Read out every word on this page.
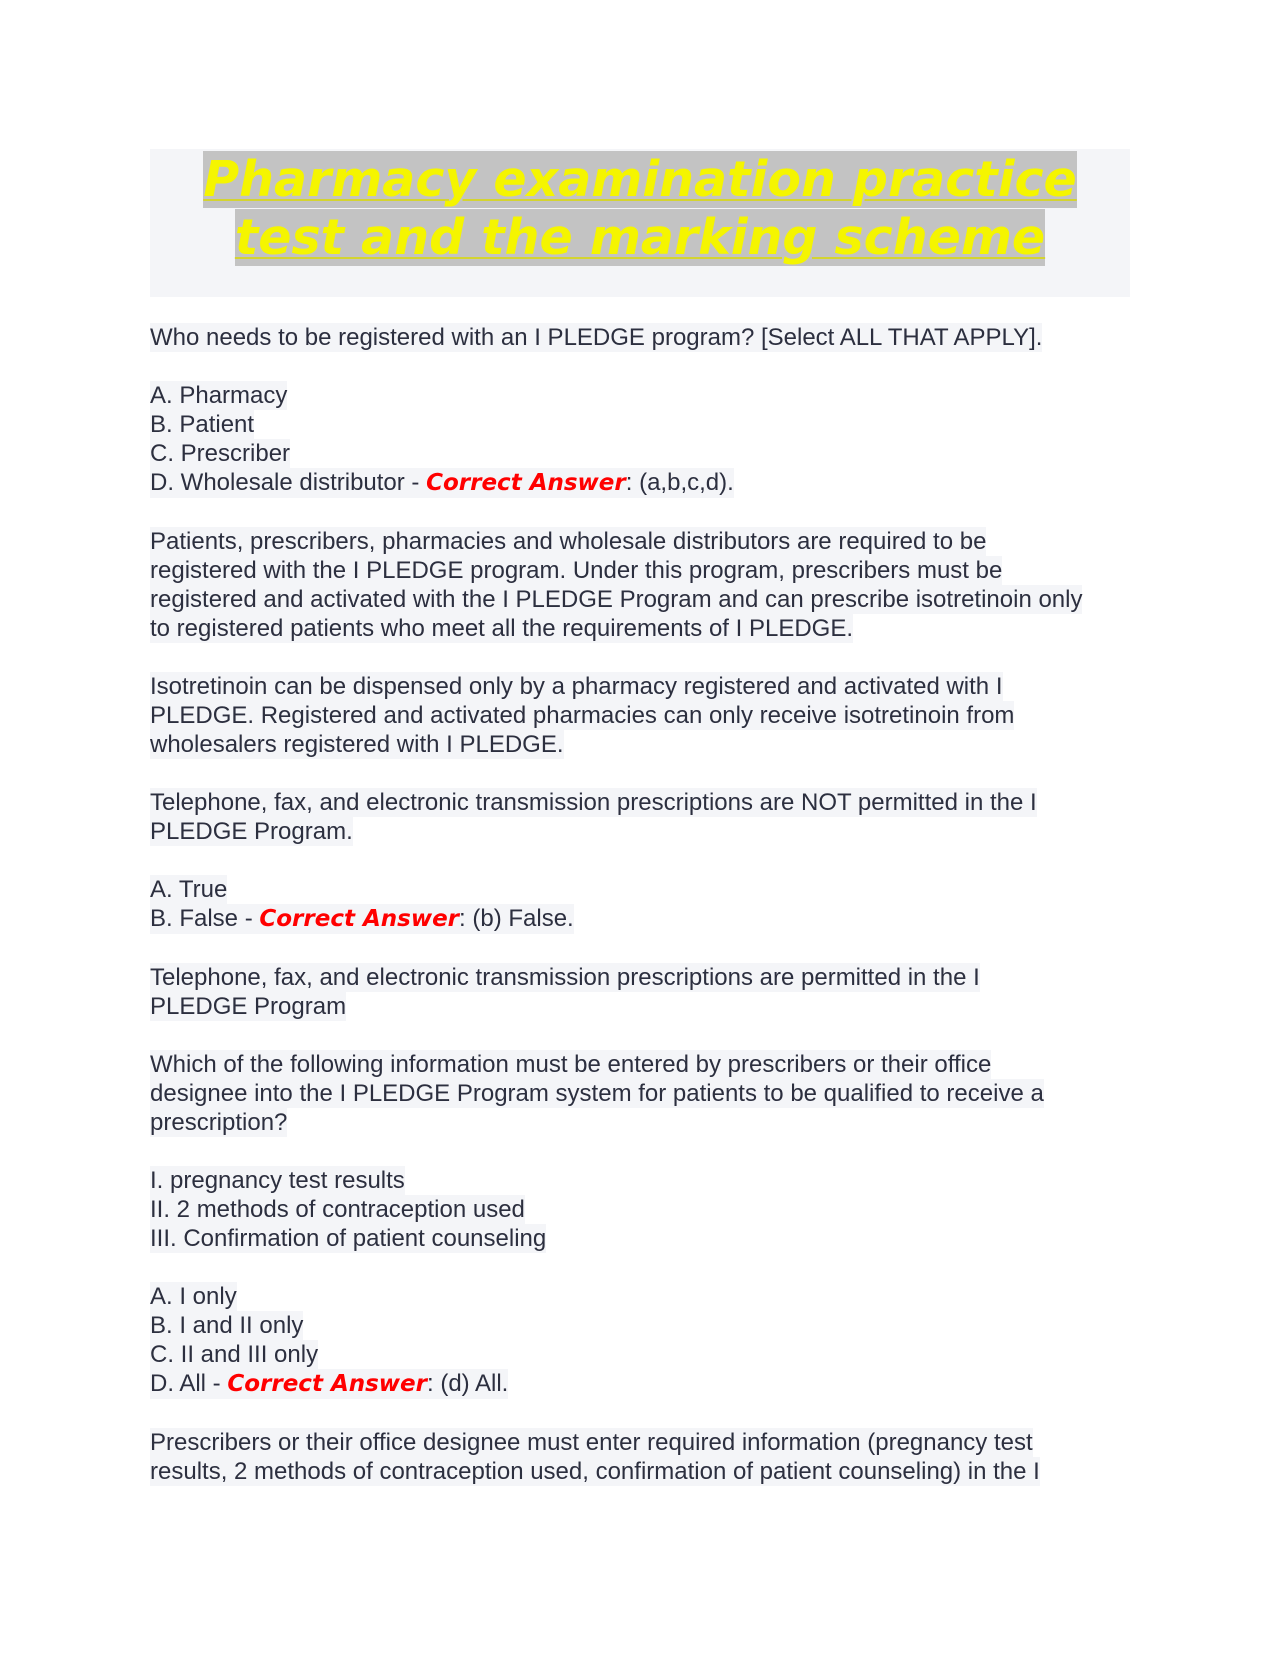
Pharmacy examination practice
test and the marking scheme
Who needs to be registered with an I PLEDGE program? [Select ALL THAT APPLY].
A. Pharmacy
B. Patient
C. Prescriber
D. Wholesale distributor - Correct Answer: (a,b,c,d).
Patients, prescribers, pharmacies and wholesale distributors are required to be
registered with the I PLEDGE program. Under this program, prescribers must be
registered and activated with the I PLEDGE Program and can prescribe isotretinoin only
to registered patients who meet all the requirements of I PLEDGE.
Isotretinoin can be dispensed only by a pharmacy registered and activated with I
PLEDGE. Registered and activated pharmacies can only receive isotretinoin from
wholesalers registered with I PLEDGE.
Telephone, fax, and electronic transmission prescriptions are NOT permitted in the I
PLEDGE Program.
A. True
B. False - Correct Answer: (b) False.
Telephone, fax, and electronic transmission prescriptions are permitted in the I
PLEDGE Program
Which of the following information must be entered by prescribers or their office
designee into the I PLEDGE Program system for patients to be qualified to receive a
prescription?
I. pregnancy test results
II. 2 methods of contraception used
III. Confirmation of patient counseling
A. I only
B. I and II only
C. II and III only
D. All - Correct Answer: (d) All.
Prescribers or their office designee must enter required information (pregnancy test
results, 2 methods of contraception used, confirmation of patient counseling) in the I
